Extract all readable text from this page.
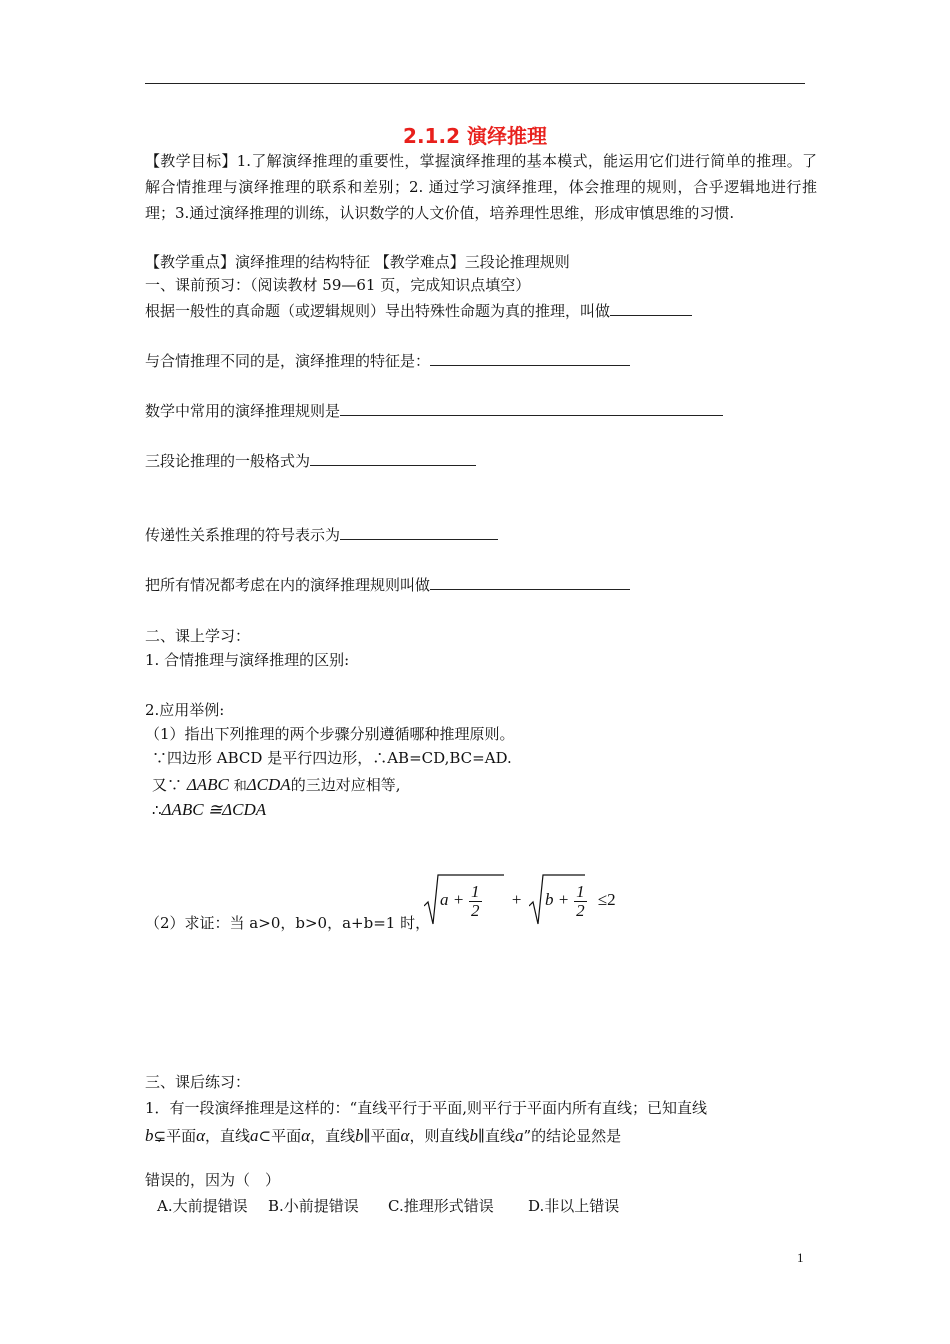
2.1.2 演绎推理
【教学目标】1.了解演绎推理的重要性，掌握演绎推理的基本模式，能运用它们进行简单的推理。了解合情推理与演绎推理的联系和差别；2. 通过学习演绎推理，体会推理的规则，合乎逻辑地进行推理；3.通过演绎推理的训练，认识数学的人文价值，培养理性思维，形成审慎思维的习惯.
【教学重点】演绎推理的结构特征 【教学难点】三段论推理规则
一、课前预习：（阅读教材 59—61 页，完成知识点填空）
根据一般性的真命题（或逻辑规则）导出特殊性命题为真的推理，叫做
与合情推理不同的是，演绎推理的特征是：
数学中常用的演绎推理规则是
三段论推理的一般格式为
传递性关系推理的符号表示为
把所有情况都考虑在内的演绎推理规则叫做
二、课上学习：
1. 合情推理与演绎推理的区别:
2.应用举例:
（1）指出下列推理的两个步骤分别遵循哪种推理原则。
∵四边形 ABCD 是平行四边形，∴AB=CD,BC=AD.
又∵ ΔABC 和ΔCDA的三边对应相等,
∴ΔABC ≅ΔCDA
（2）求证：当 a>0，b>0，a+b=1 时，
$a + \frac{1}{2} + b + \frac{1}{2} \le 2$
三、课后练习：
1．有一段演绎推理是这样的：“直线平行于平面,则平行于平面内所有直线；已知直线
b⊊平面α，直线a⊂平面α，直线b∥平面α，则直线b∥直线a”的结论显然是
错误的，因为（　）
A.大前提错误 B.小前提错误 C.推理形式错误 D.非以上错误
1
